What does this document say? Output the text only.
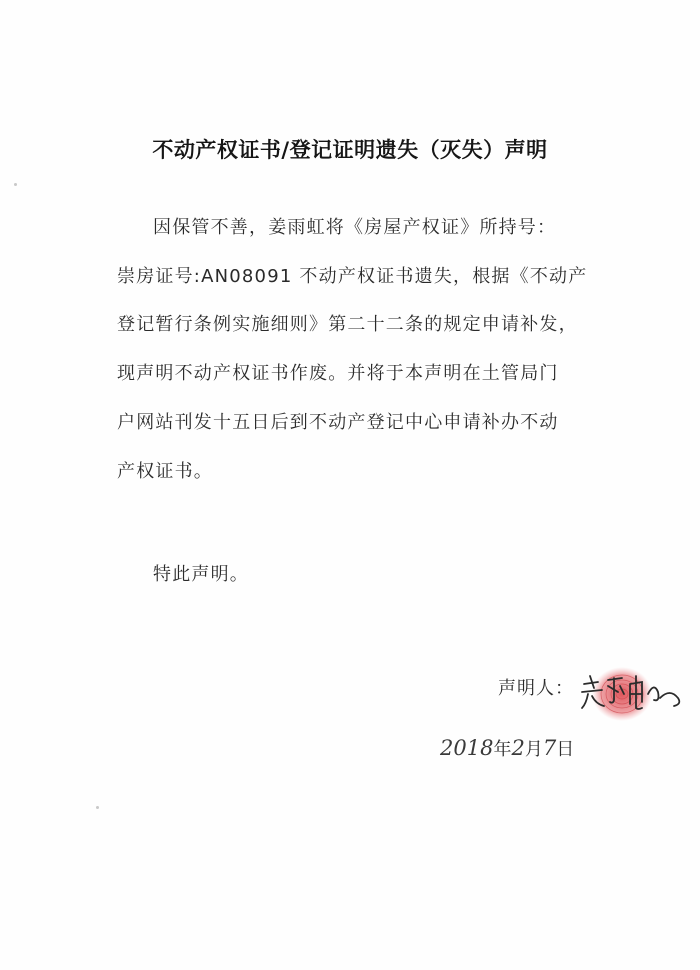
不动产权证书/登记证明遗失（灭失）声明
因保管不善，姜雨虹将《房屋产权证》所持号：
崇房证号:AN08091 不动产权证书遗失，根据《不动产
登记暂行条例实施细则》第二十二条的规定申请补发，
现声明不动产权证书作废。并将于本声明在土管局门
户网站刊发十五日后到不动产登记中心申请补办不动
产权证书。
特此声明。
声明人：
2018年2月7日
